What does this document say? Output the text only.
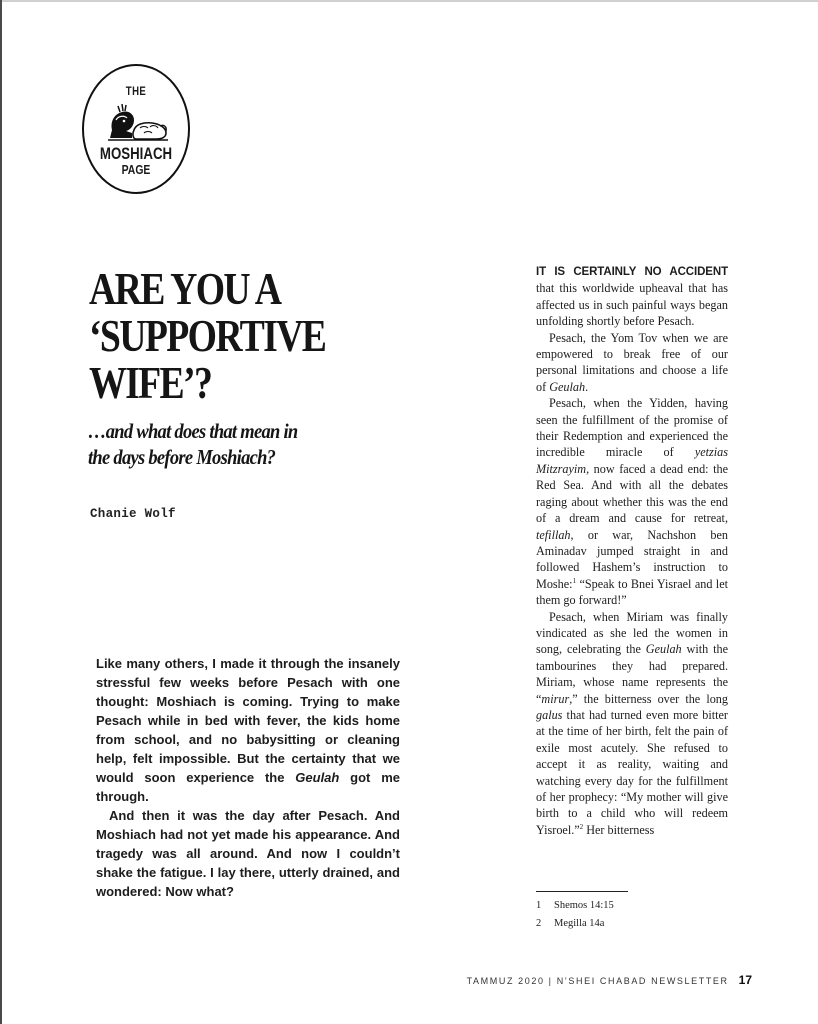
THE
MOSHIACH
PAGE
ARE YOU A
‘SUPPORTIVE
WIFE’?
…and what does that mean in
the days before Moshiach?
Chanie Wolf

Like many others, I made it through the insanely stressful few weeks before Pesach with one thought: Moshiach is coming. Trying to make Pesach while in bed with fever, the kids home from school, and no babysitting or cleaning help, felt impossible. But the certainty that we would soon experience the Geulah got me through.

And then it was the day after Pesach. And Moshiach had not yet made his appearance. And tragedy was all around. And now I couldn’t shake the fatigue. I lay there, utterly drained, and wondered: Now what?

IT IS CERTAINLY NO ACCIDENT that this worldwide upheaval that has affected us in such painful ways began unfolding shortly before Pesach.

Pesach, the Yom Tov when we are empowered to break free of our personal limitations and choose a life of Geulah.

Pesach, when the Yidden, having seen the fulfillment of the promise of their Redemption and experienced the incredible miracle of yetzias Mitzrayim, now faced a dead end: the Red Sea. And with all the debates raging about whether this was the end of a dream and cause for retreat, tefillah, or war, Nachshon ben Aminadav jumped straight in and followed Hashem’s instruction to Moshe:$^1$ “Speak to Bnei Yisrael and let them go forward!”

Pesach, when Miriam was finally vindicated as she led the women in song, celebrating the Geulah with the tambourines they had prepared. Miriam, whose name represents the “mirur,” the bitterness over the long galus that had turned even more bitter at the time of her birth, felt the pain of exile most acutely. She refused to accept it as reality, waiting and watching every day for the fulfillment of her prophecy: “My mother will give birth to a child who will redeem Yisroel.”$^2$ Her bitterness

1 Shemos 14:15
2 Megilla 14a
TAMMUZ 2020 | N’SHEI CHABAD NEWSLETTER 17
